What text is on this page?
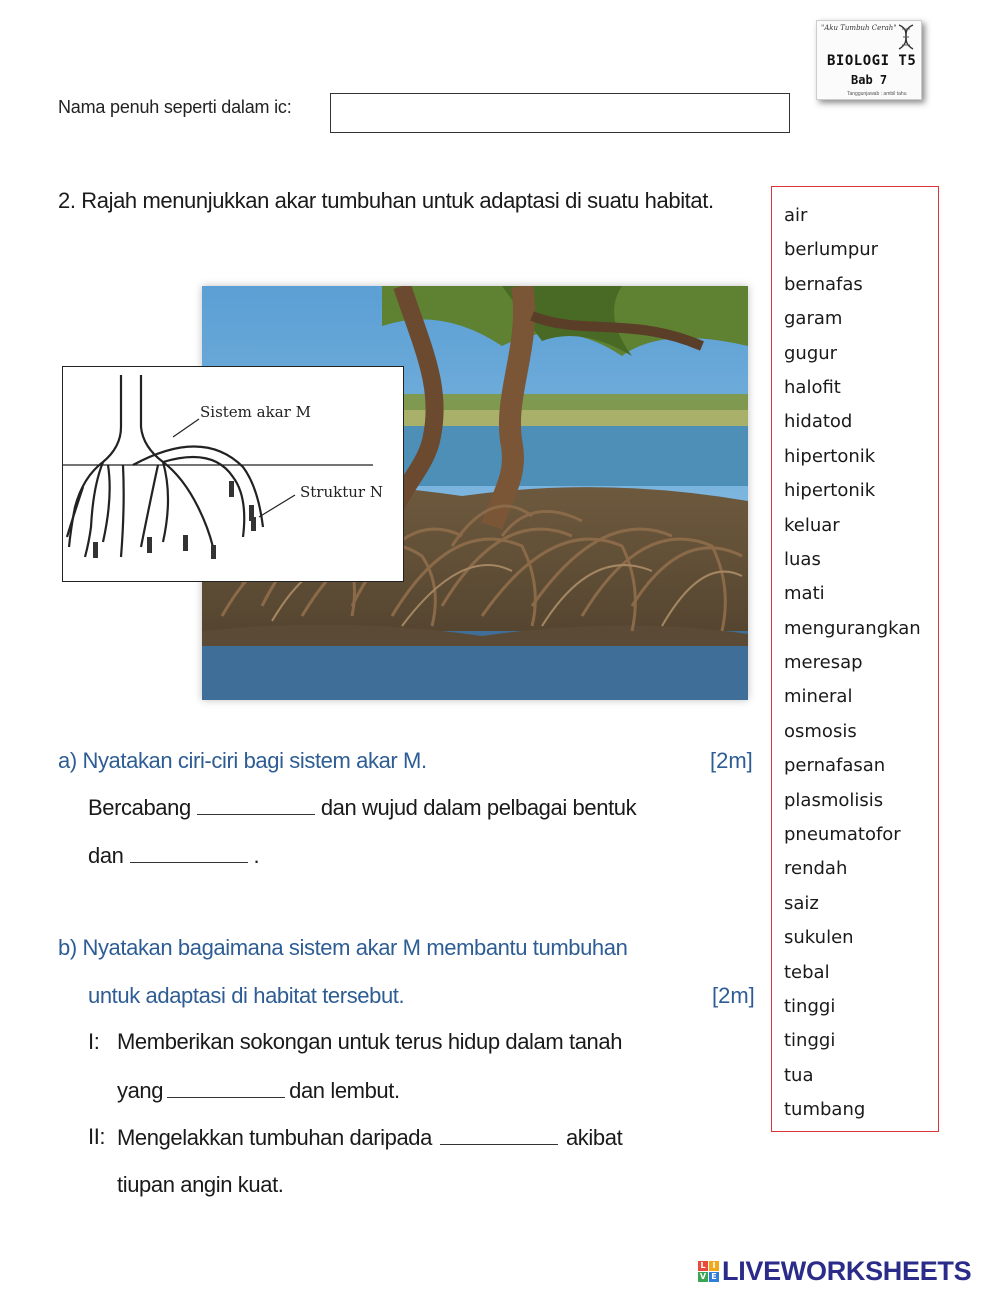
Nama penuh seperti dalam ic:
"Aku Tumbuh Cerah"
BIOLOGI T5
Bab 7
Tanggunjawab : ambil tahu
2. Rajah menunjukkan akar tumbuhan untuk adaptasi di suatu habitat.
Sistem akar M
Struktur N
a) Nyatakan ciri-ciri bagi sistem akar M.	[2m]
Bercabang	dan wujud dalam pelbagai bentuk
dan	.
b) Nyatakan bagaimana sistem akar M membantu tumbuhan
untuk adaptasi di habitat tersebut.	[2m]
I: Memberikan sokongan untuk terus hidup dalam tanah
yang	dan lembut.
II: Mengelakkan tumbuhan daripada	akibat
tiupan angin kuat.
air
berlumpur
bernafas
garam
gugur
halofit
hidatod
hipertonik
hipertonik
keluar
luas
mati
mengurangkan
meresap
mineral
osmosis
pernafasan
plasmolisis
pneumatofor
rendah
saiz
sukulen
tebal
tinggi
tinggi
tua
tumbang
L I
V E LIVEWORKSHEETS
